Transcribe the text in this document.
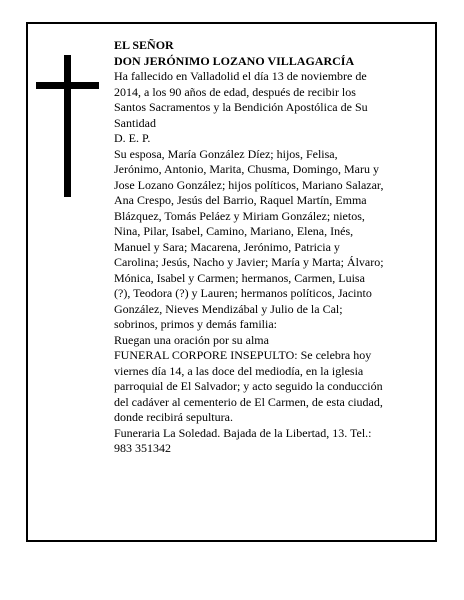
EL SEÑOR
DON JERÓNIMO LOZANO VILLAGARCÍA
Ha fallecido en Valladolid el día 13 de noviembre de
2014, a los 90 años de edad, después de recibir los
Santos Sacramentos y la Bendición Apostólica de Su
Santidad
D. E. P.
Su esposa, María González Díez; hijos, Felisa,
Jerónimo, Antonio, Marita, Chusma, Domingo, Maru y
Jose Lozano González; hijos políticos, Mariano Salazar,
Ana Crespo, Jesús del Barrio, Raquel Martín, Emma
Blázquez, Tomás Peláez y Miriam González; nietos,
Nina, Pilar, Isabel, Camino, Mariano, Elena, Inés,
Manuel y Sara; Macarena, Jerónimo, Patricia y
Carolina; Jesús, Nacho y Javier; María y Marta; Álvaro;
Mónica, Isabel y Carmen; hermanos, Carmen, Luisa
(?), Teodora (?) y Lauren; hermanos políticos, Jacinto
González, Nieves Mendizábal y Julio de la Cal;
sobrinos, primos y demás familia:
Ruegan una oración por su alma
FUNERAL CORPORE INSEPULTO: Se celebra hoy
viernes día 14, a las doce del mediodía, en la iglesia
parroquial de El Salvador; y acto seguido la conducción
del cadáver al cementerio de El Carmen, de esta ciudad,
donde recibirá sepultura.
Funeraria La Soledad. Bajada de la Libertad, 13. Tel.:
983 351342
